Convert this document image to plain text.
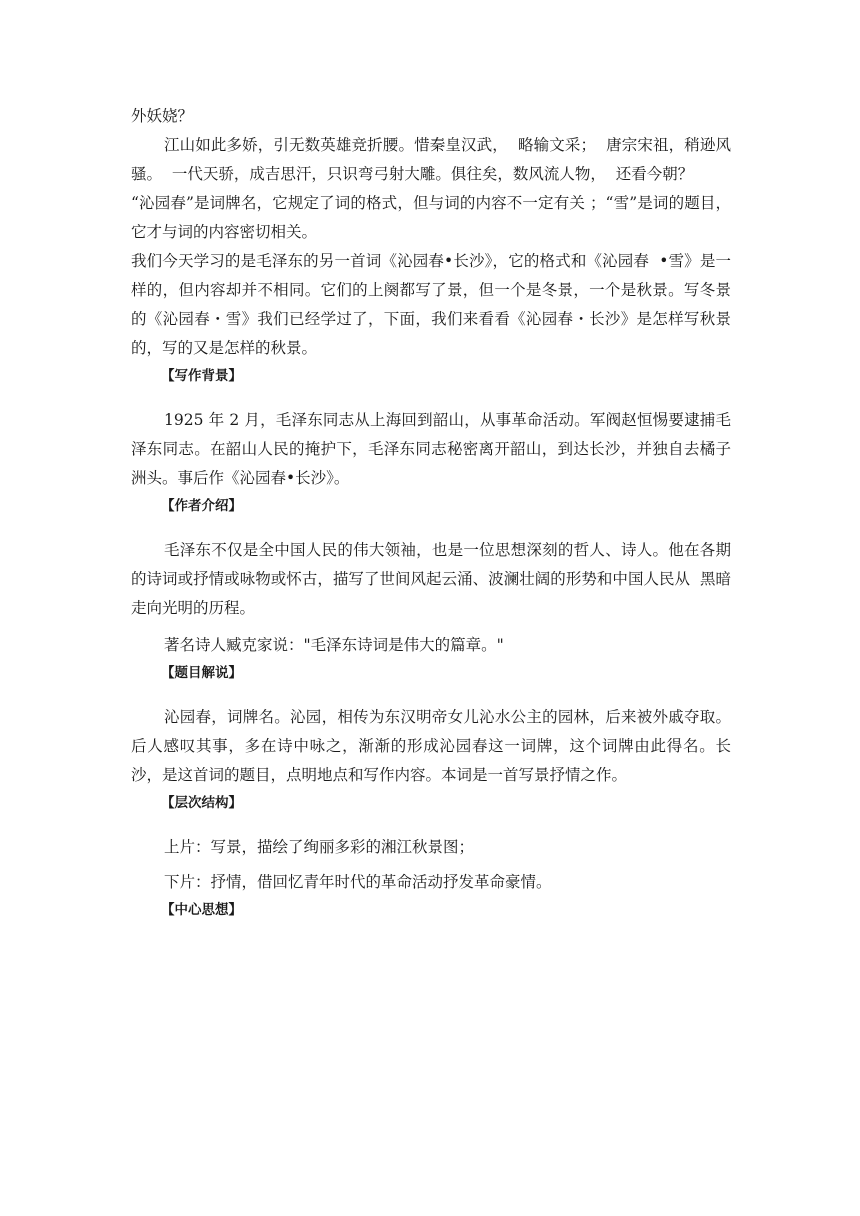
外妖娆？

江山如此多娇，引无数英雄竞折腰。惜秦皇汉武，  略输文采；  唐宗宋祖，稍逊风骚。  一代天骄，成吉思汗，只识弯弓射大雕。俱往矣，数风流人物，  还看今朝？

“沁园春”是词牌名，它规定了词的格式，但与词的内容不一定有关 ；“雪”是词的题目，它才与词的内容密切相关。

我们今天学习的是毛泽东的另一首词《沁园春•长沙》，它的格式和《沁园春  •雪》是一样的，但内容却并不相同。它们的上阕都写了景，但一个是冬景，一个是秋景。写冬景的《沁园春・雪》我们已经学过了，下面，我们来看看《沁园春・长沙》是怎样写秋景的，写的又是怎样的秋景。

【写作背景】

1925 年 2 月，毛泽东同志从上海回到韶山，从事革命活动。军阀赵恒惕要逮捕毛泽东同志。在韶山人民的掩护下，毛泽东同志秘密离开韶山，到达长沙，并独自去橘子洲头。事后作《沁园春•长沙》。

【作者介绍】

毛泽东不仅是全中国人民的伟大领袖，也是一位思想深刻的哲人、诗人。他在各期的诗词或抒情或咏物或怀古，描写了世间风起云涌、波澜壮阔的形势和中国人民从  黑暗走向光明的历程。

著名诗人臧克家说："毛泽东诗词是伟大的篇章。"

【题目解说】

沁园春，词牌名。沁园，相传为东汉明帝女儿沁水公主的园林，后来被外戚夺取。后人感叹其事，多在诗中咏之，渐渐的形成沁园春这一词牌，这个词牌由此得名。长沙，是这首词的题目，点明地点和写作内容。本词是一首写景抒情之作。

【层次结构】

上片：写景，描绘了绚丽多彩的湘江秋景图；

下片：抒情，借回忆青年时代的革命活动抒发革命豪情。

【中心思想】
